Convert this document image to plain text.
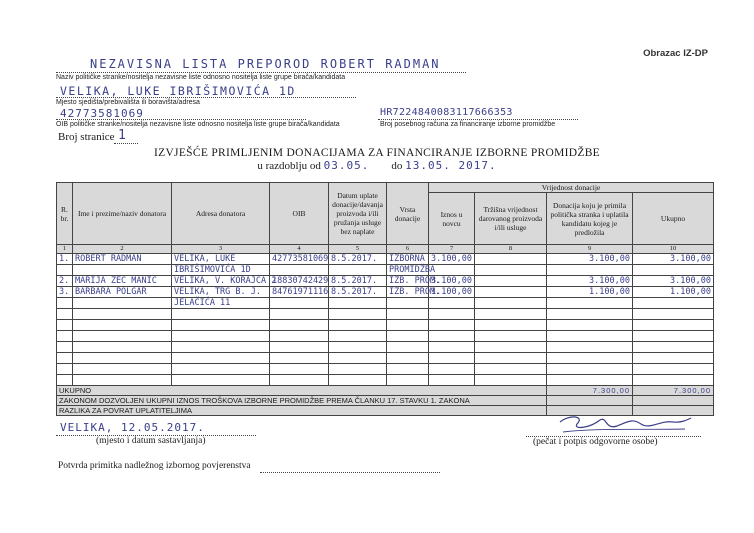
Obrazac IZ-DP
NEZAVISNA LISTA PREPOROD ROBERT RADMAN
Naziv političke stranke/nositelja nezavisne liste odnosno nositelja liste grupe birača/kandidata
VELIKA, LUKE IBRIŠIMOVIĆA 1D
Mjesto sjedišta/prebivališta ili boravišta/adresa
42773581069
OIB političke stranke/nositelja nezavisne liste odnosno nositelja liste grupe birača/kandidata
HR7224840083117666353
Broj posebnog računa za financiranje izborne promidžbe
Broj stranice 1
IZVJEŠĆE PRIMLJENIM DONACIJAMA ZA FINANCIRANJE IZBORNE PROMIDŽBE
u razdoblju od 03.05. do 13.05. 2017.
R. br.	Ime i prezime/naziv donatora	Adresa donatora	OIB	Datum uplate donacije/davanja proizvoda i/ili pružanja usluge bez naplate	Vrsta donacije	Vrijednost donacije			
						Iznos u novcu	Tržišna vrijednost darovanog proizvoda i/ili usluge	Donacija koju je primila politička stranka i uplatila kandidatu kojeg je predložila	Ukupno
1	2	3	4	5	6	7	8	9	10
1.	ROBERT RADMAN	VELIKA, LUKE	42773581069	8.5.2017.	IZBORNA	3.100,00		3.100,00	3.100,00
		IBRIŠIMOVIĆA 1D			PROMIDŽBA				
2.	MARIJA ZEC MANIC	VELIKA, V. KORAJCA 2	18830742429	8.5.2017.	IZB. PROM.	3.100,00		3.100,00	3.100,00
3.	BARBARA POLGAR	VELIKA, TRG B. J.	84761971116	8.5.2017.	IZB. PROM.	1.100,00		1.100,00	1.100,00
		JELAČIĆA 11							

UKUPNO								7.300,00	7.300,00
ZAKONOM DOZVOLJEN UKUPNI IZNOS TROŠKOVA IZBORNE PROMIDŽBE PREMA ČLANKU 17. STAVKU 1. ZAKONA									
RAZLIKA ZA POVRAT UPLATITELJIMA									
VELIKA, 12.05.2017.
(mjesto i datum sastavljanja)	(pečat i potpis odgovorne osobe)
Potvrda primitka nadležnog izbornog povjerenstva
